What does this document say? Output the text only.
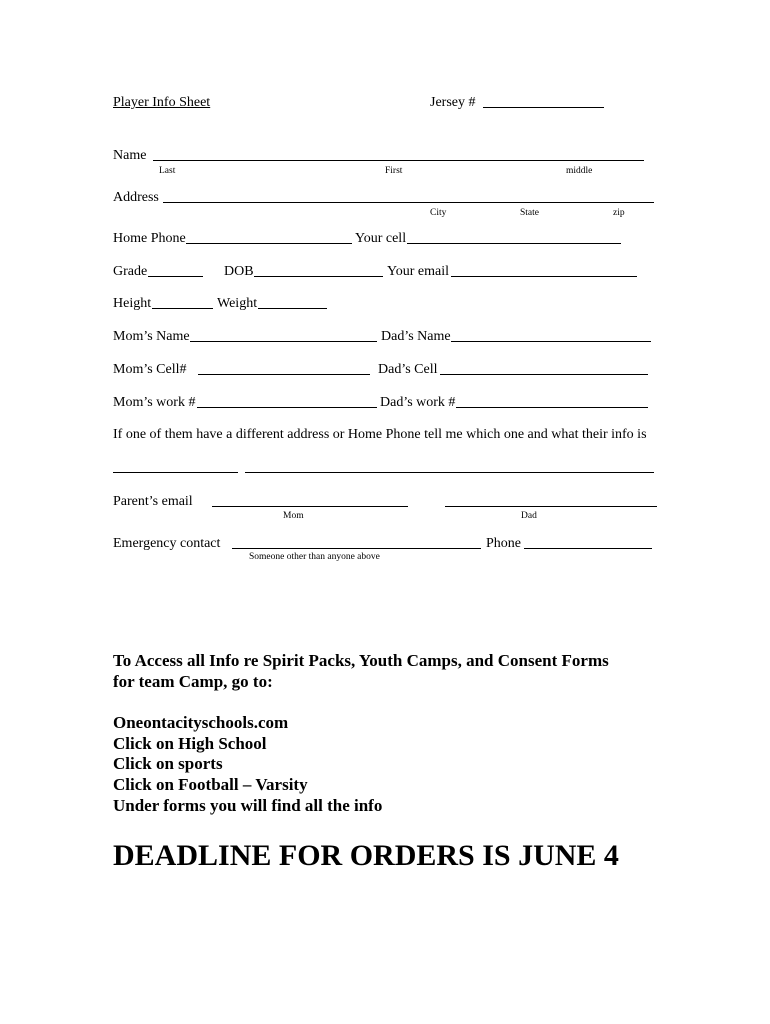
Player Info Sheet	Jersey #
Name
Last	First	middle
Address
City	State	zip
Home Phone	Your cell
Grade	DOB	Your email
Height	Weight
Mom’s Name	Dad’s Name
Mom’s Cell#	Dad’s Cell
Mom’s work #	Dad’s work #
If one of them have a different address or Home Phone tell me which one and what their info is
Parent’s email
Mom	Dad
Emergency contact	Phone
Someone other than anyone above
To Access all Info re Spirit Packs, Youth Camps, and Consent Forms
for team Camp, go to:
Oneontacityschools.com
Click on High School
Click on sports
Click on Football – Varsity
Under forms you will find all the info
DEADLINE FOR ORDERS IS JUNE 4
